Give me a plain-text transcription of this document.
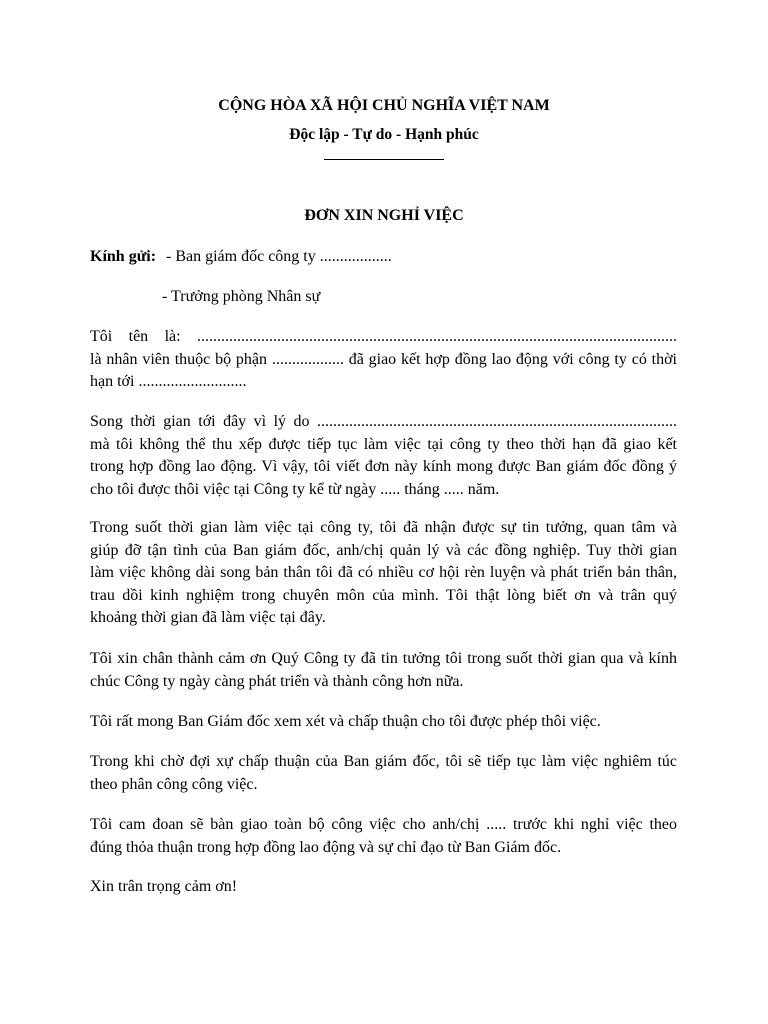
CỘNG HÒA XÃ HỘI CHỦ NGHĨA VIỆT NAM
Độc lập - Tự do - Hạnh phúc
ĐƠN XIN NGHỈ VIỆC
Kính gửi: - Ban giám đốc công ty ..................
- Trưởng phòng Nhân sự
Tôi tên là: ........................................................................................................................
là nhân viên thuộc bộ phận .................. đã giao kết hợp đồng lao động với công ty có thời
hạn tới ...........................
Song thời gian tới đây vì lý do ..........................................................................................
mà tôi không thể thu xếp được tiếp tục làm việc tại công ty theo thời hạn đã giao kết
trong hợp đồng lao động. Vì vậy, tôi viết đơn này kính mong được Ban giám đốc đồng ý
cho tôi được thôi việc tại Công ty kể từ ngày ..... tháng ..... năm.
Trong suốt thời gian làm việc tại công ty, tôi đã nhận được sự tin tưởng, quan tâm và
giúp đỡ tận tình của Ban giám đốc, anh/chị quản lý và các đồng nghiệp. Tuy thời gian
làm việc không dài song bản thân tôi đã có nhiều cơ hội rèn luyện và phát triển bản thân,
trau dồi kinh nghiệm trong chuyên môn của mình. Tôi thật lòng biết ơn và trân quý
khoảng thời gian đã làm việc tại đây.
Tôi xin chân thành cảm ơn Quý Công ty đã tin tưởng tôi trong suốt thời gian qua và kính
chúc Công ty ngày càng phát triển và thành công hơn nữa.
Tôi rất mong Ban Giám đốc xem xét và chấp thuận cho tôi được phép thôi việc.
Trong khi chờ đợi xự chấp thuận của Ban giám đốc, tôi sẽ tiếp tục làm việc nghiêm túc
theo phân công công việc.
Tôi cam đoan sẽ bàn giao toàn bộ công việc cho anh/chị ..... trước khi nghỉ việc theo
đúng thỏa thuận trong hợp đồng lao động và sự chỉ đạo từ Ban Giám đốc.
Xin trân trọng cảm ơn!
